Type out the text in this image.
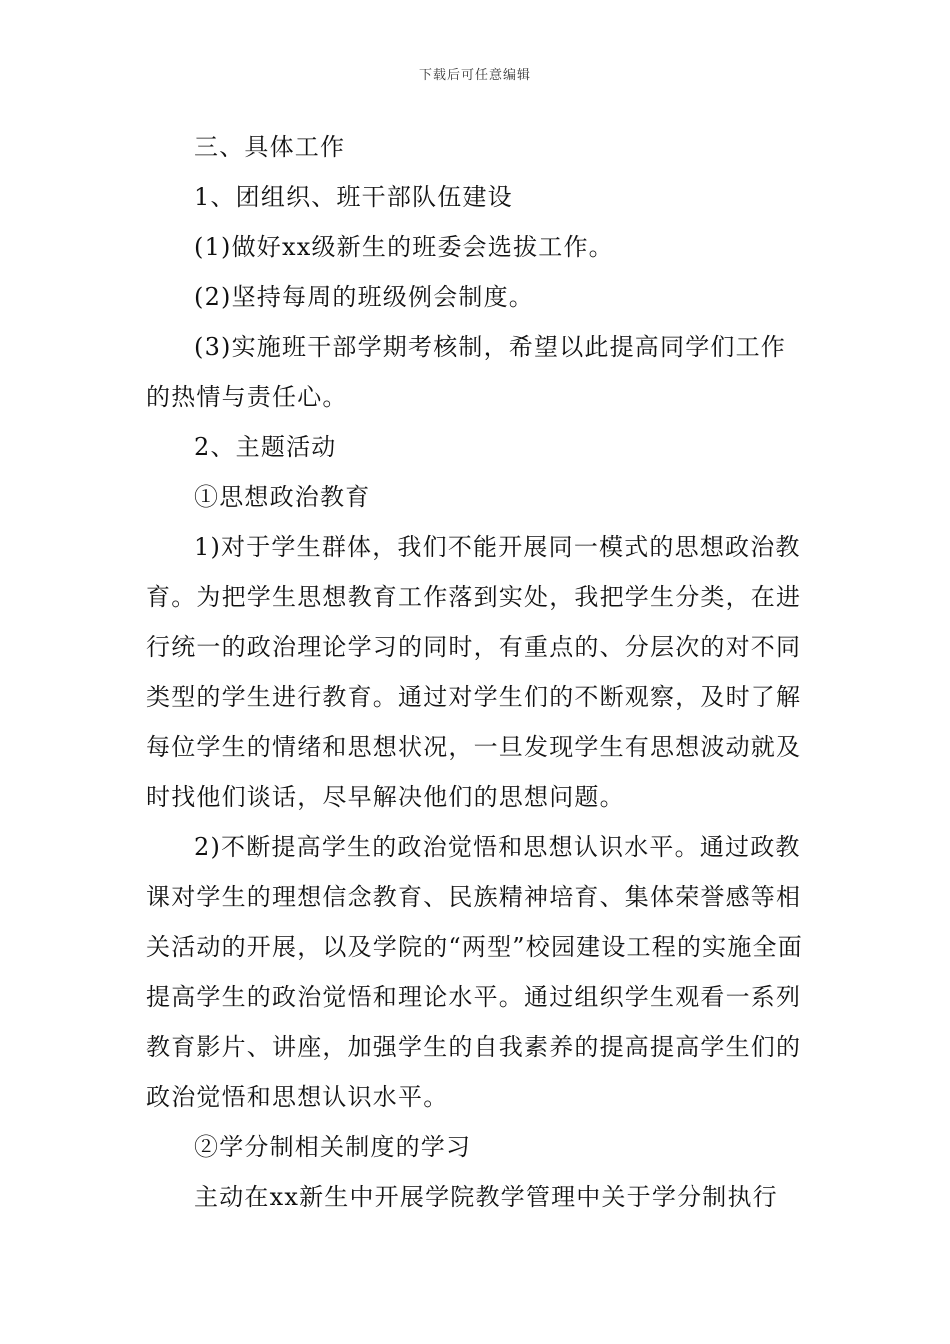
下载后可任意编辑

三、具体工作

1、团组织、班干部队伍建设

(1)做好xx级新生的班委会选拔工作。

(2)坚持每周的班级例会制度。

(3)实施班干部学期考核制，希望以此提高同学们工作的热情与责任心。

2、主题活动

①思想政治教育

1)对于学生群体，我们不能开展同一模式的思想政治教育。为把学生思想教育工作落到实处，我把学生分类，在进行统一的政治理论学习的同时，有重点的、分层次的对不同类型的学生进行教育。通过对学生们的不断观察，及时了解每位学生的情绪和思想状况，一旦发现学生有思想波动就及时找他们谈话，尽早解决他们的思想问题。

2)不断提高学生的政治觉悟和思想认识水平。通过政教课对学生的理想信念教育、民族精神培育、集体荣誉感等相关活动的开展，以及学院的“两型”校园建设工程的实施全面提高学生的政治觉悟和理论水平。通过组织学生观看一系列教育影片、讲座，加强学生的自我素养的提高提高学生们的政治觉悟和思想认识水平。

②学分制相关制度的学习

主动在xx新生中开展学院教学管理中关于学分制执行
